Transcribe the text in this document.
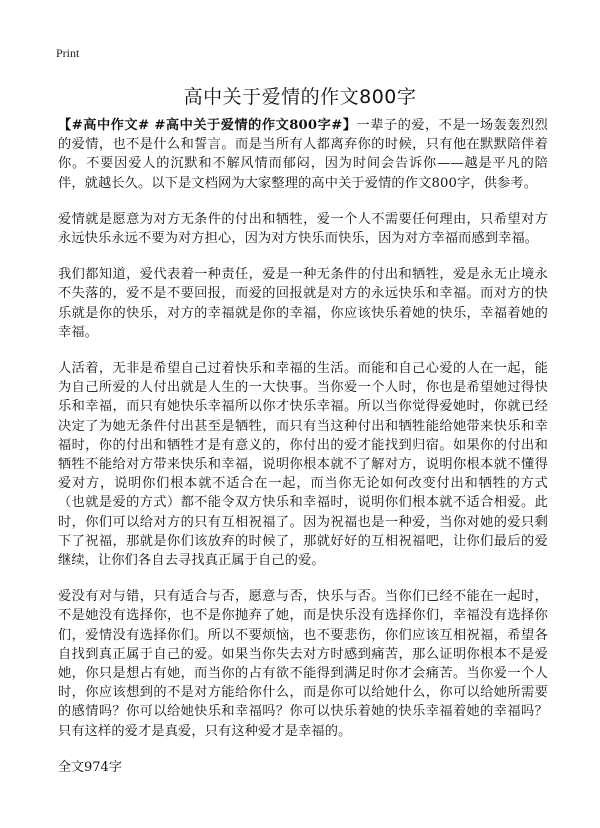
Print
高中关于爱情的作文800字

【#高中作文# #高中关于爱情的作文800字#】一辈子的爱，不是一场轰轰烈烈的爱情，也不是什么和誓言。而是当所有人都离弃你的时候，只有他在默默陪伴着你。不要因爱人的沉默和不解风情而郁闷，因为时间会告诉你——越是平凡的陪伴，就越长久。以下是文档网为大家整理的高中关于爱情的作文800字，供参考。

爱情就是愿意为对方无条件的付出和牺牲，爱一个人不需要任何理由，只希望对方永远快乐永远不要为对方担心，因为对方快乐而快乐，因为对方幸福而感到幸福。

我们都知道，爱代表着一种责任，爱是一种无条件的付出和牺牲，爱是永无止境永不失落的，爱不是不要回报，而爱的回报就是对方的永远快乐和幸福。而对方的快乐就是你的快乐，对方的幸福就是你的幸福，你应该快乐着她的快乐，幸福着她的幸福。

人活着，无非是希望自己过着快乐和幸福的生活。而能和自己心爱的人在一起，能为自己所爱的人付出就是人生的一大快事。当你爱一个人时，你也是希望她过得快乐和幸福，而只有她快乐幸福所以你才快乐幸福。所以当你觉得爱她时，你就已经决定了为她无条件付出甚至是牺牲，而只有当这种付出和牺牲能给她带来快乐和幸福时，你的付出和牺牲才是有意义的，你付出的爱才能找到归宿。如果你的付出和牺牲不能给对方带来快乐和幸福，说明你根本就不了解对方，说明你根本就不懂得爱对方，说明你们根本就不适合在一起，而当你无论如何改变付出和牺牲的方式（也就是爱的方式）都不能令双方快乐和幸福时，说明你们根本就不适合相爱。此时，你们可以给对方的只有互相祝福了。因为祝福也是一种爱，当你对她的爱只剩下了祝福，那就是你们该放弃的时候了，那就好好的互相祝福吧，让你们最后的爱继续，让你们各自去寻找真正属于自己的爱。

爱没有对与错，只有适合与否，愿意与否，快乐与否。当你们已经不能在一起时，不是她没有选择你，也不是你抛弃了她，而是快乐没有选择你们，幸福没有选择你们，爱情没有选择你们。所以不要烦恼，也不要悲伤，你们应该互相祝福，希望各自找到真正属于自己的爱。如果当你失去对方时感到痛苦，那么证明你根本不是爱她，你只是想占有她，而当你的占有欲不能得到满足时你才会痛苦。当你爱一个人时，你应该想到的不是对方能给你什么，而是你可以给她什么，你可以给她所需要的感情吗？你可以给她快乐和幸福吗？你可以快乐着她的快乐幸福着她的幸福吗？只有这样的爱才是真爱，只有这种爱才是幸福的。

全文974字
